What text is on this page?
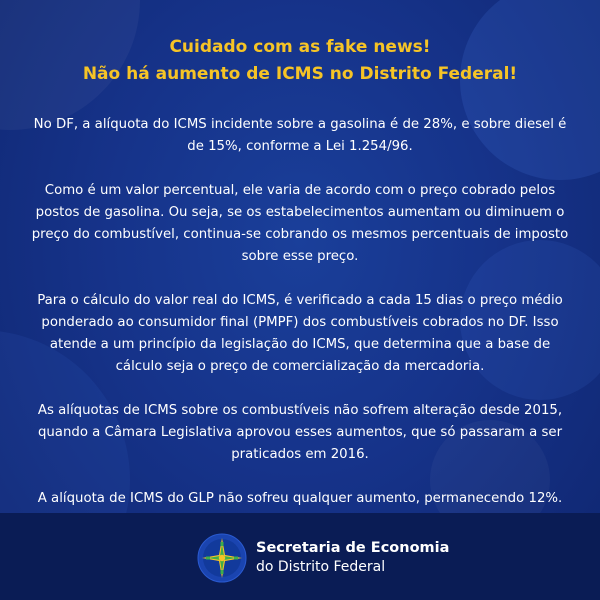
Cuidado com as fake news!
Não há aumento de ICMS no Distrito Federal!

No DF, a alíquota do ICMS incidente sobre a gasolina é de 28%, e sobre diesel é de 15%, conforme a Lei 1.254/96.

Como é um valor percentual, ele varia de acordo com o preço cobrado pelos postos de gasolina. Ou seja, se os estabelecimentos aumentam ou diminuem o preço do combustível, continua-se cobrando os mesmos percentuais de imposto sobre esse preço.

Para o cálculo do valor real do ICMS, é verificado a cada 15 dias o preço médio ponderado ao consumidor final (PMPF) dos combustíveis cobrados no DF. Isso atende a um princípio da legislação do ICMS, que determina que a base de cálculo seja o preço de comercialização da mercadoria.

As alíquotas de ICMS sobre os combustíveis não sofrem alteração desde 2015, quando a Câmara Legislativa aprovou esses aumentos, que só passaram a ser praticados em 2016.

A alíquota de ICMS do GLP não sofreu qualquer aumento, permanecendo 12%.

Secretaria de Economia
do Distrito Federal
